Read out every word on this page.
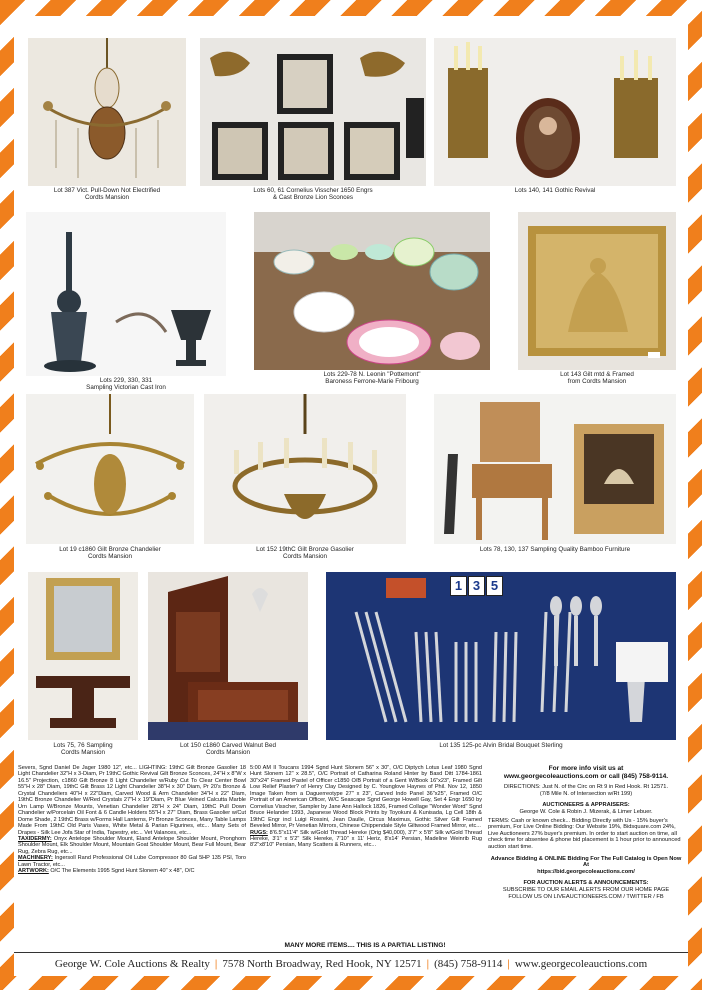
Lot 387 Vict. Pull-Down Not Electrified
Cordts Mansion
Lots 60, 61 Cornelius Visscher 1650 Engrs
& Cast Bronze Lion Sconces
Lots 140, 141 Gothic Revival
Lots 229, 330, 331
Sampling Victorian Cast Iron
Lots 229-78 N. Leonin "Pottemont"
Baroness Ferrone-Marie Fribourg
Lot 143 Gilt mtd & Framed
from Cordts Mansion
Lot 19 c1860 Gilt Bronze Chandelier
Cordts Mansion
Lot 152 19thC Gilt Bronze Gasolier
Cordts Mansion
Lots 78, 130, 137 Sampling Quality Bamboo Furniture
1 3 5
Lots 75, 76 Sampling
Cordts Mansion
Lot 150 c1860 Carved Walnut Bed
Cordts Mansion
Lot 135 125-pc Alvin Bridal Bouquet Sterling
Severs, Sgnd Daniel De Jager 1980 12", etc... LIGHTING: 19thC Gilt Bronze Gasolier 18 Light Chandelier 32"H x 3-Diam, Pr 19thC Gothic Revival Gilt Bronze Sconces, 24"H x 8"W x 16.5" Projection, c1860 Gilt Bronze 8 Light Chandelier w/Ruby Cut To Clear Center Bowl 55"H x 28" Diam, 19thC Gilt Brass 12 Light Chandelier 38"H x 30" Diam, Pr 20's Bronze & Crystal Chandeliers 40"H x 22"Diam, Carved Wood & Arm Chandelier 34"H x 22" Diam, 19thC Bronze Chandelier W/Red Crystals 27"H x 19"Diam, Pr Blue Veined Calcutta Marble Urn Lamp W/Bronze Mounts, Venetian Chandelier 28"H x 24" Diam, 19thC Pull Down Chandelier w/Porcelain Oil Font & 6 Candle Holders 55"H x 27" Diam, Brass Gasolier w/Cut Dome Shade, 2 19thC Brass w/Forms Hall Lanterns, Pr Bronze Sconces, Many Table Lamps Made From 19thC Old Paris Vases, White Metal & Parian Figurines, etc... Many Sets of Drapes - Silk Lee Jofa Star of India, Tapestry, etc... Vet Valances, etc...
TAXIDERMY: Onyx Antelope Shoulder Mount, Eland Antelope Shoulder Mount, Pronghorn Shoulder Mount, Elk Shoulder Mount, Mountain Goat Shoulder Mount, Bear Full Mount, Bear Rug, Zebra Rug, etc...
MACHINERY: Ingersoll Rand Professional Oil Lube Compressor 80 Gal 5HP 135 PSI, Toro Lawn Tractor, etc...
ARTWORK: O/C The Elements 1995 Sgnd Hunt Slonem 40" x 48", O/C
5:00 AM II Toucans 1994 Sgnd Hunt Slonem 56" x 30", O/C Diptych Lotus Leaf 1980 Sgnd Hunt Slonem 12" x 28.5", O/C Portrait of Catharina Roland Hinter by Basd Ditt 1784-1861 30"x24" Framed Pastel of Officer c1850 O/B Portrait of a Gent W/Book 16"x23", Framed Gilt Low Relief Plaster? of Henry Clay Designed by C. Younglove Haynes of Phil. Nov 12, 1850 Image Taken from a Daguerreotype 27" x 23", Carved Indo Panel 36"x25", Framed O/C Portrait of an American Officer, W/C Seascape Sgnd George Howell Gay, Set 4 Engr 1650 by Cornelius Visscher, Sampler by Jane Ann Hallock 1826, Framed Collage "Wonder Word" Sgnd Bruce Helander 1993, Japanese Wood Block Prints by Toyokuni & Kunisada, Lg Cell 18th & 19thC Engr incl Luigi Rossini, Jean Daulle, Circus Maximus, Gothic Silver Gilt Framed Beveled Mirror, Pr Venetian Mirrors, Chinese Chippendale Style Giltwood Framed Mirror, etc...
RUGS: 8'6.5"x11'4" Silk w/Gold Thread Hereke (Orig $40,000), 3'7" x 5'8" Silk w/Gold Thread Hereke, 3'1" x 5'2" Silk Hereke, 7'10" x 11' Heriz, 8'x14' Persian, Madeline Weinrib Rug 8'2"x8'10" Persian, Many Scatters & Runners, etc...
MANY MORE ITEMS.... THIS IS A PARTIAL LISTING!
For more info visit us at
www.georgecoleauctions.com or call (845) 758-9114.
DIRECTIONS: Just N. of the Circ on Rt 9 in Red Hook. Rt 12571.
(7/8 Mile N. of Intersection w/Rt 199)
AUCTIONEERS & APPRAISERS:
George W. Cole & Robin J. Mizerak, & Limer Lebuer.
TERMS: Cash or known check... Bidding Directly with Us - 15% buyer's premium, For Live Online Bidding: Our Website 19%, Bidsquare.com 24%, Live Auctioneers 27% buyer's premium. In order to start auction on time, all check time for absentee & phone bid placement is 1 hour prior to announced auction start time.
Advance Bidding & ONLINE Bidding For The Full Catalog is Open Now At
https://bid.georgecoleauctions.com/
FOR AUCTION ALERTS & ANNOUNCEMENTS:
SUBSCRIBE TO OUR EMAIL ALERTS FROM OUR HOME PAGE
FOLLOW US ON LIVEAUCTIONEERS.COM / TWITTER / FB
George W. Cole Auctions & Realty | 7578 North Broadway, Red Hook, NY 12571 | (845) 758-9114 | www.georgecoleauctions.com
